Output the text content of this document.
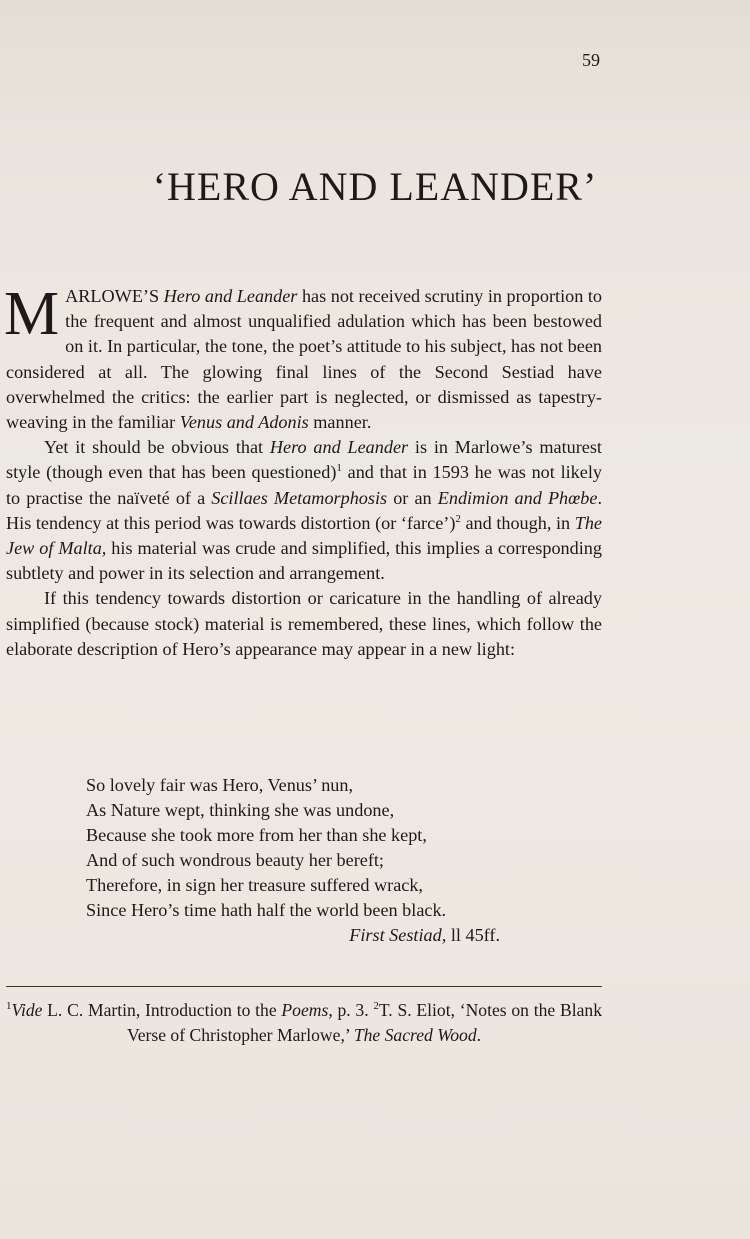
59
‘HERO AND LEANDER’

MARLOWE’S Hero and Leander has not received scrutiny in proportion to the frequent and almost unqualified adulation which has been bestowed on it. In particular, the tone, the poet’s attitude to his subject, has not been considered at all. The glowing final lines of the Second Sestiad have overwhelmed the critics: the earlier part is neglected, or dismissed as tapestry-weaving in the familiar Venus and Adonis manner.

Yet it should be obvious that Hero and Leander is in Marlowe’s maturest style (though even that has been questioned)$^1$ and that in 1593 he was not likely to practise the naïveté of a Scillaes Metamorphosis or an Endimion and Phœbe. His tendency at this period was towards distortion (or ‘farce’)$^2$ and though, in The Jew of Malta, his material was crude and simplified, this implies a corresponding subtlety and power in its selection and arrangement.

If this tendency towards distortion or caricature in the handling of already simplified (because stock) material is remembered, these lines, which follow the elaborate description of Hero’s appearance may appear in a new light:

So lovely fair was Hero, Venus’ nun,
As Nature wept, thinking she was undone,
Because she took more from her than she kept,
And of such wondrous beauty her bereft;
Therefore, in sign her treasure suffered wrack,
Since Hero’s time hath half the world been black.
First Sestiad, ll 45ff.
$^1$Vide L. C. Martin, Introduction to the Poems, p. 3. $^2$T. S. Eliot, ‘Notes on the Blank Verse of Christopher Marlowe,’ The Sacred Wood.
